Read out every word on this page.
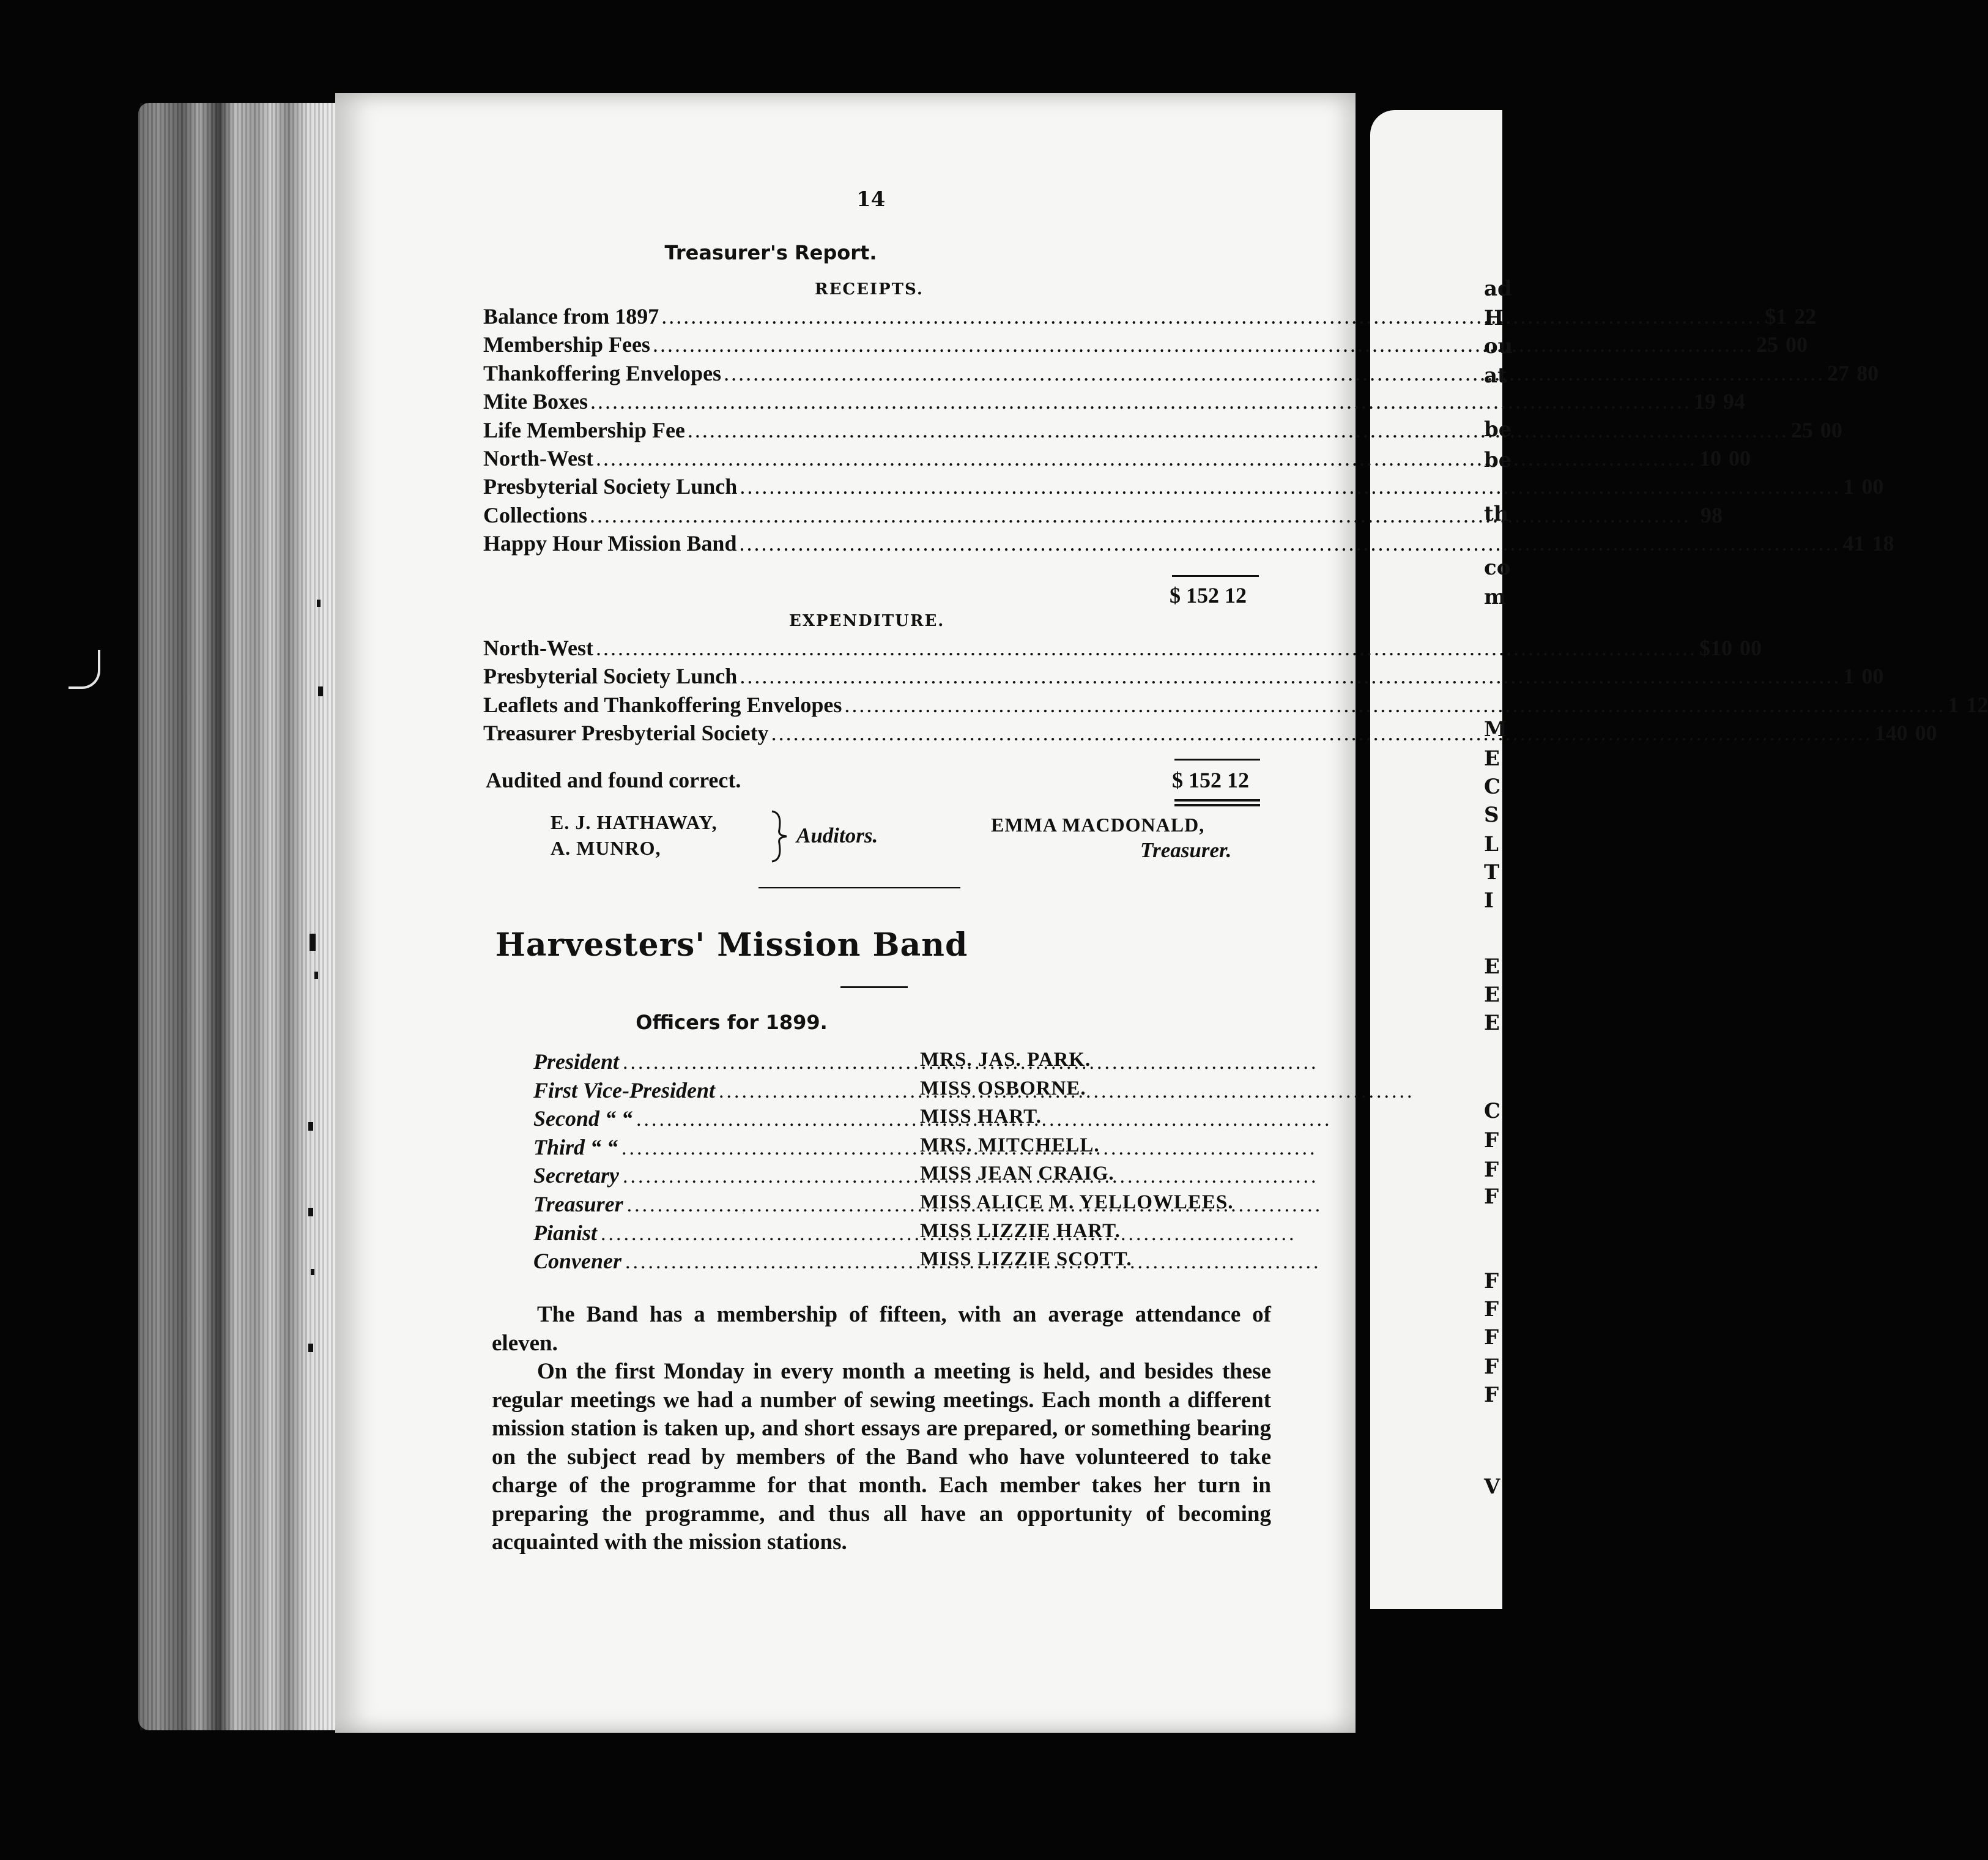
ad
H
ou
at
be
be
th
co
m
M
E
C
S
L
T
I
E
E
E
C
F
F
F
F
F
F
F
F
V
14
Treasurer's Report.
RECEIPTS.
Balance from 1897 .....	$ 1 22
Membership Fees .....	25 00
Thankoffering Envelopes .....	27 80
Mite Boxes .....	19 94
Life Membership Fee .....	25 00
North-West .....	10 00
Presbyterial Society Lunch .....	1 00
Collections .....	98
Happy Hour Mission Band .....	41 18
$ 152 12
EXPENDITURE.
North-West .....	$ 10 00
Presbyterial Society Lunch .....	1 00
Leaflets and Thankoffering Envelopes .....	1 12
Treasurer Presbyterial Society .....	140 00
Audited and found correct.	$ 152 12
E. J. HATHAWAY,
A. MUNRO,
Auditors.	EMMA MACDONALD,
Treasurer.
Harvesters' Mission Band
Officers for 1899.
President .....	MRS. JAS. PARK.
First Vice-President .....	MISS OSBORNE.
Second “ “ .....	MISS HART.
Third “ “ .....	MRS. MITCHELL.
Secretary .....	MISS JEAN CRAIG.
Treasurer .....	MISS ALICE M. YELLOWLEES.
Pianist .....	MISS LIZZIE HART.
Convener .....	MISS LIZZIE SCOTT.

The Band has a membership of fifteen, with an average attendance of eleven.

On the first Monday in every month a meeting is held, and besides these regular meetings we had a number of sewing meetings. Each month a different mission station is taken up, and short essays are prepared, or something bearing on the subject read by members of the Band who have volunteered to take charge of the programme for that month. Each member takes her turn in preparing the programme, and thus all have an opportunity of becoming acquainted with the mission stations.
